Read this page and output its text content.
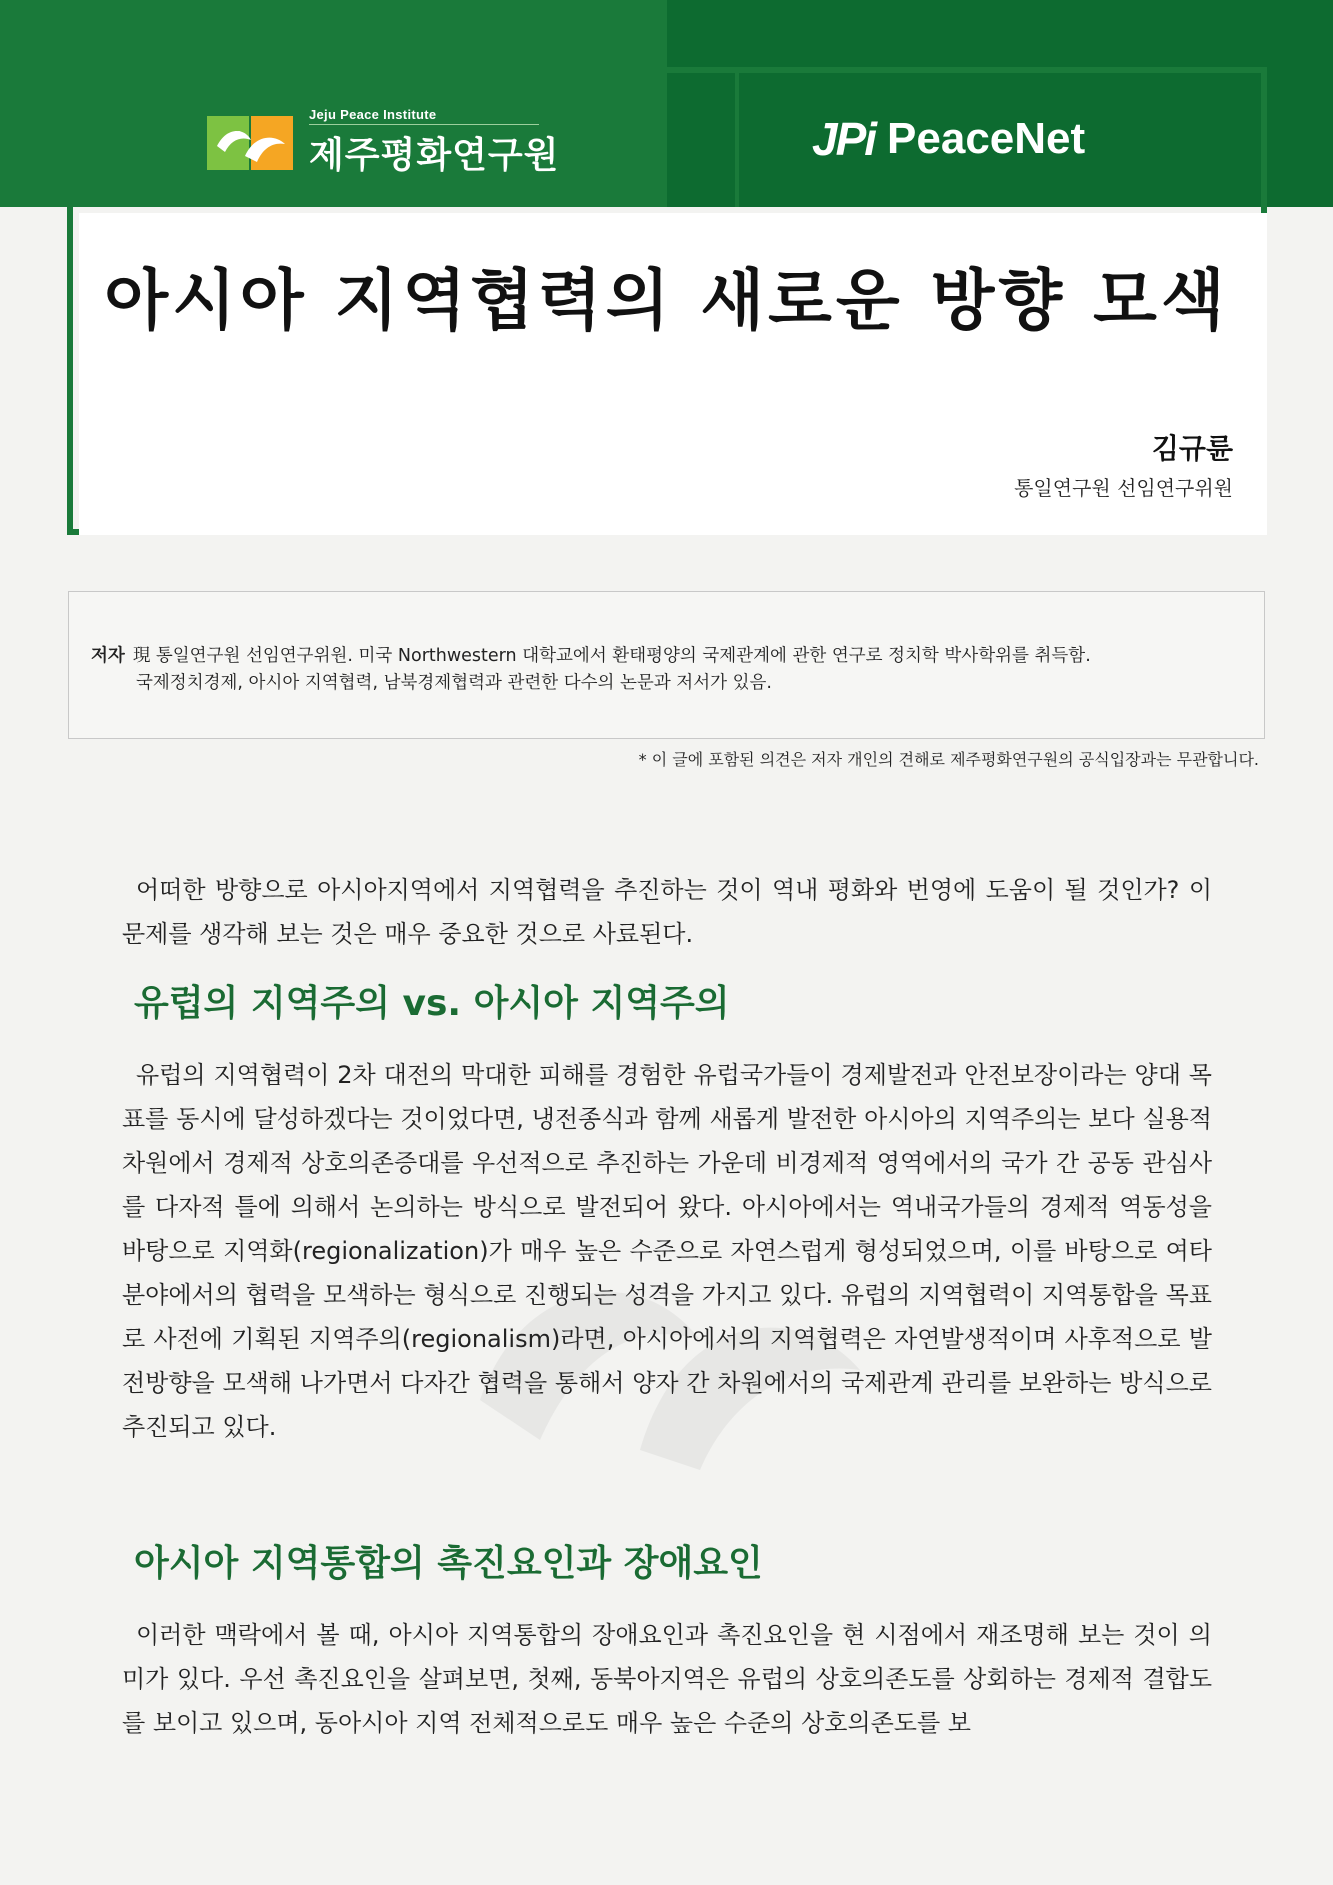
Jeju Peace Institute
제주평화연구원	JPi PeaceNet
아시아 지역협력의 새로운 방향 모색
김규륜
통일연구원 선임연구위원
저자 現 통일연구원 선임연구위원. 미국 Northwestern 대학교에서 환태평양의 국제관계에 관한 연구로 정치학 박사학위를 취득함.
국제정치경제, 아시아 지역협력, 남북경제협력과 관련한 다수의 논문과 저서가 있음.
* 이 글에 포함된 의견은 저자 개인의 견해로 제주평화연구원의 공식입장과는 무관합니다.

어떠한 방향으로 아시아지역에서 지역협력을 추진하는 것이 역내 평화와 번영에 도움이 될 것인가? 이 문제를 생각해 보는 것은 매우 중요한 것으로 사료된다.

유럽의 지역주의 vs. 아시아 지역주의

유럽의 지역협력이 2차 대전의 막대한 피해를 경험한 유럽국가들이 경제발전과 안전보장이라는 양대 목표를 동시에 달성하겠다는 것이었다면, 냉전종식과 함께 새롭게 발전한 아시아의 지역주의는 보다 실용적 차원에서 경제적 상호의존증대를 우선적으로 추진하는 가운데 비경제적 영역에서의 국가 간 공동 관심사를 다자적 틀에 의해서 논의하는 방식으로 발전되어 왔다. 아시아에서는 역내국가들의 경제적 역동성을 바탕으로 지역화(regionalization)가 매우 높은 수준으로 자연스럽게 형성되었으며, 이를 바탕으로 여타 분야에서의 협력을 모색하는 형식으로 진행되는 성격을 가지고 있다. 유럽의 지역협력이 지역통합을 목표로 사전에 기획된 지역주의(regionalism)라면, 아시아에서의 지역협력은 자연발생적이며 사후적으로 발전방향을 모색해 나가면서 다자간 협력을 통해서 양자 간 차원에서의 국제관계 관리를 보완하는 방식으로 추진되고 있다.

아시아 지역통합의 촉진요인과 장애요인

이러한 맥락에서 볼 때, 아시아 지역통합의 장애요인과 촉진요인을 현 시점에서 재조명해 보는 것이 의미가 있다. 우선 촉진요인을 살펴보면, 첫째, 동북아지역은 유럽의 상호의존도를 상회하는 경제적 결합도를 보이고 있으며, 동아시아 지역 전체적으로도 매우 높은 수준의 상호의존도를 보
